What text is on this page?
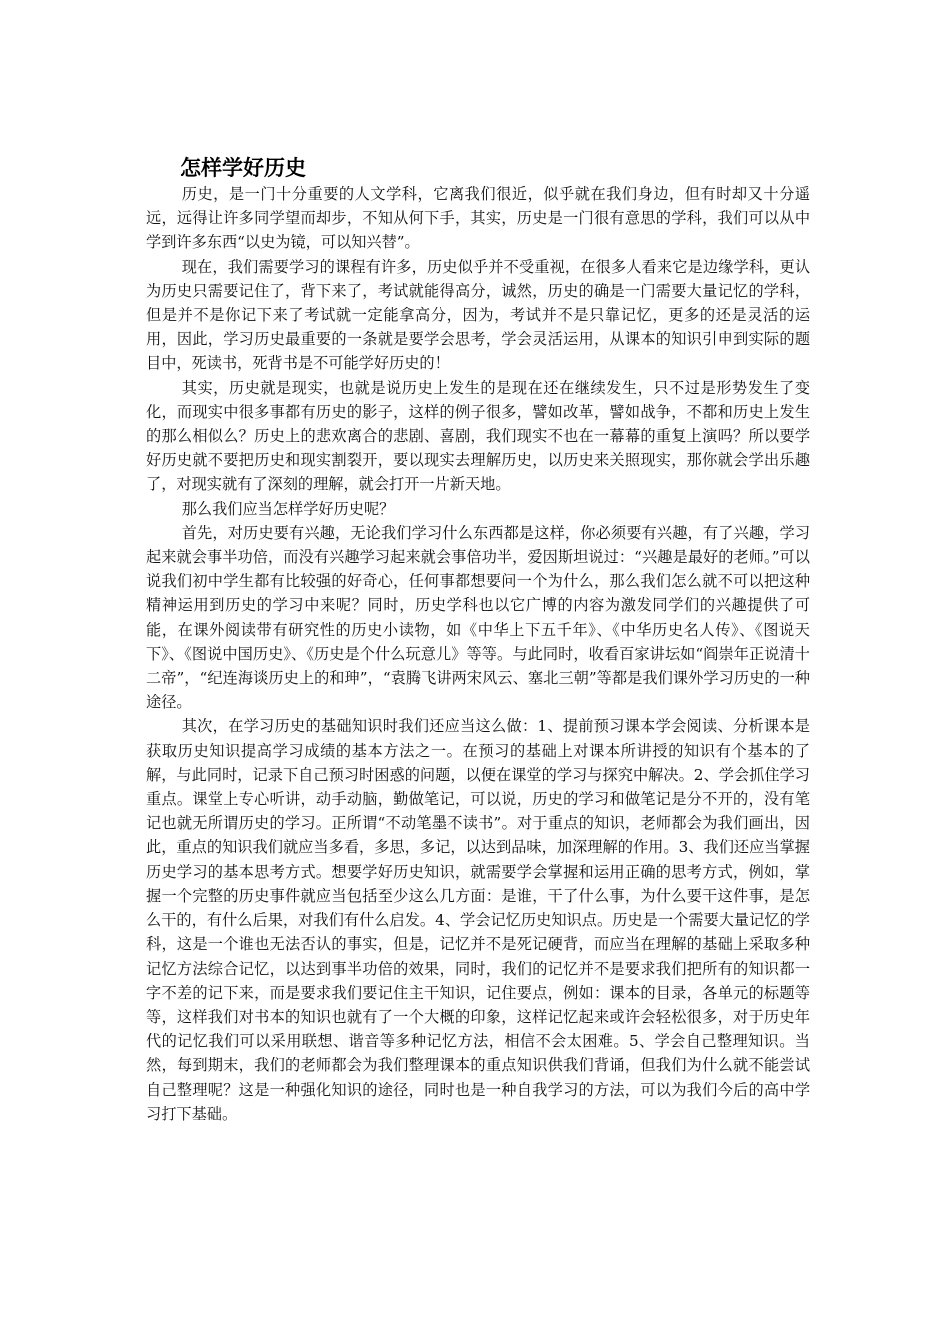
怎样学好历史

历史，是一门十分重要的人文学科，它离我们很近，似乎就在我们身边，但有时却又十分遥远，远得让许多同学望而却步，不知从何下手，其实，历史是一门很有意思的学科，我们可以从中学到许多东西“以史为镜，可以知兴替”。

现在，我们需要学习的课程有许多，历史似乎并不受重视，在很多人看来它是边缘学科，更认为历史只需要记住了，背下来了，考试就能得高分，诚然，历史的确是一门需要大量记忆的学科，但是并不是你记下来了考试就一定能拿高分，因为，考试并不是只靠记忆，更多的还是灵活的运用，因此，学习历史最重要的一条就是要学会思考，学会灵活运用，从课本的知识引申到实际的题目中，死读书，死背书是不可能学好历史的！

其实，历史就是现实，也就是说历史上发生的是现在还在继续发生，只不过是形势发生了变化，而现实中很多事都有历史的影子，这样的例子很多，譬如改革，譬如战争，不都和历史上发生的那么相似么？历史上的悲欢离合的悲剧、喜剧，我们现实不也在一幕幕的重复上演吗？所以要学好历史就不要把历史和现实割裂开，要以现实去理解历史，以历史来关照现实，那你就会学出乐趣了，对现实就有了深刻的理解，就会打开一片新天地。

那么我们应当怎样学好历史呢？

首先，对历史要有兴趣，无论我们学习什么东西都是这样，你必须要有兴趣，有了兴趣，学习起来就会事半功倍，而没有兴趣学习起来就会事倍功半，爱因斯坦说过：“兴趣是最好的老师。”可以说我们初中学生都有比较强的好奇心，任何事都想要问一个为什么，那么我们怎么就不可以把这种精神运用到历史的学习中来呢？同时，历史学科也以它广博的内容为激发同学们的兴趣提供了可能，在课外阅读带有研究性的历史小读物，如《中华上下五千年》、《中华历史名人传》、《图说天下》、《图说中国历史》、《历史是个什么玩意儿》等等。与此同时，收看百家讲坛如“阎崇年正说清十二帝”，“纪连海谈历史上的和珅”，“袁腾飞讲两宋风云、塞北三朝”等都是我们课外学习历史的一种途径。

其次，在学习历史的基础知识时我们还应当这么做：1、提前预习课本学会阅读、分析课本是获取历史知识提高学习成绩的基本方法之一。在预习的基础上对课本所讲授的知识有个基本的了解，与此同时，记录下自己预习时困惑的问题，以便在课堂的学习与探究中解决。2、学会抓住学习重点。课堂上专心听讲，动手动脑，勤做笔记，可以说，历史的学习和做笔记是分不开的，没有笔记也就无所谓历史的学习。正所谓“不动笔墨不读书”。对于重点的知识，老师都会为我们画出，因此，重点的知识我们就应当多看，多思，多记，以达到品味，加深理解的作用。3、我们还应当掌握历史学习的基本思考方式。想要学好历史知识，就需要学会掌握和运用正确的思考方式，例如，掌握一个完整的历史事件就应当包括至少这么几方面：是谁，干了什么事，为什么要干这件事，是怎么干的，有什么后果，对我们有什么启发。4、学会记忆历史知识点。历史是一个需要大量记忆的学科，这是一个谁也无法否认的事实，但是，记忆并不是死记硬背，而应当在理解的基础上采取多种记忆方法综合记忆，以达到事半功倍的效果，同时，我们的记忆并不是要求我们把所有的知识都一字不差的记下来，而是要求我们要记住主干知识，记住要点，例如：课本的目录，各单元的标题等等，这样我们对书本的知识也就有了一个大概的印象，这样记忆起来或许会轻松很多，对于历史年代的记忆我们可以采用联想、谐音等多种记忆方法，相信不会太困难。5、学会自己整理知识。当然，每到期末，我们的老师都会为我们整理课本的重点知识供我们背诵，但我们为什么就不能尝试自己整理呢？这是一种强化知识的途径，同时也是一种自我学习的方法，可以为我们今后的高中学习打下基础。
